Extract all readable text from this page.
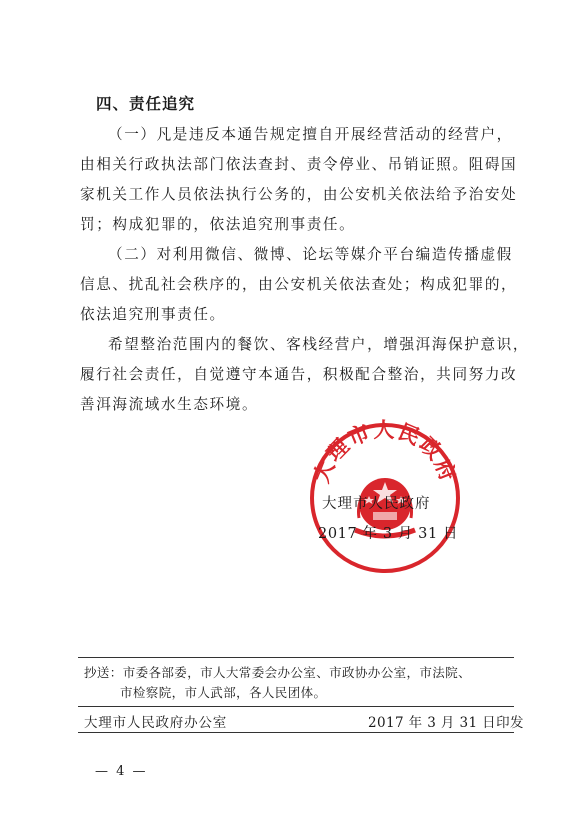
四、责任追究
（一）凡是违反本通告规定擅自开展经营活动的经营户，
由相关行政执法部门依法查封、责令停业、吊销证照。阻碍国
家机关工作人员依法执行公务的，由公安机关依法给予治安处
罚；构成犯罪的，依法追究刑事责任。
（二）对利用微信、微博、论坛等媒介平台编造传播虚假
信息、扰乱社会秩序的，由公安机关依法查处；构成犯罪的，
依法追究刑事责任。
希望整治范围内的餐饮、客栈经营户，增强洱海保护意识，
履行社会责任，自觉遵守本通告，积极配合整治，共同努力改
善洱海流域水生态环境。
大理市人民政府
大理市人民政府
2017 年 3 月 31 日
抄送：市委各部委，市人大常委会办公室、市政协办公室，市法院、
市检察院，市人武部，各人民团体。
大理市人民政府办公室	2017 年 3 月 31 日印发
— 4 —
